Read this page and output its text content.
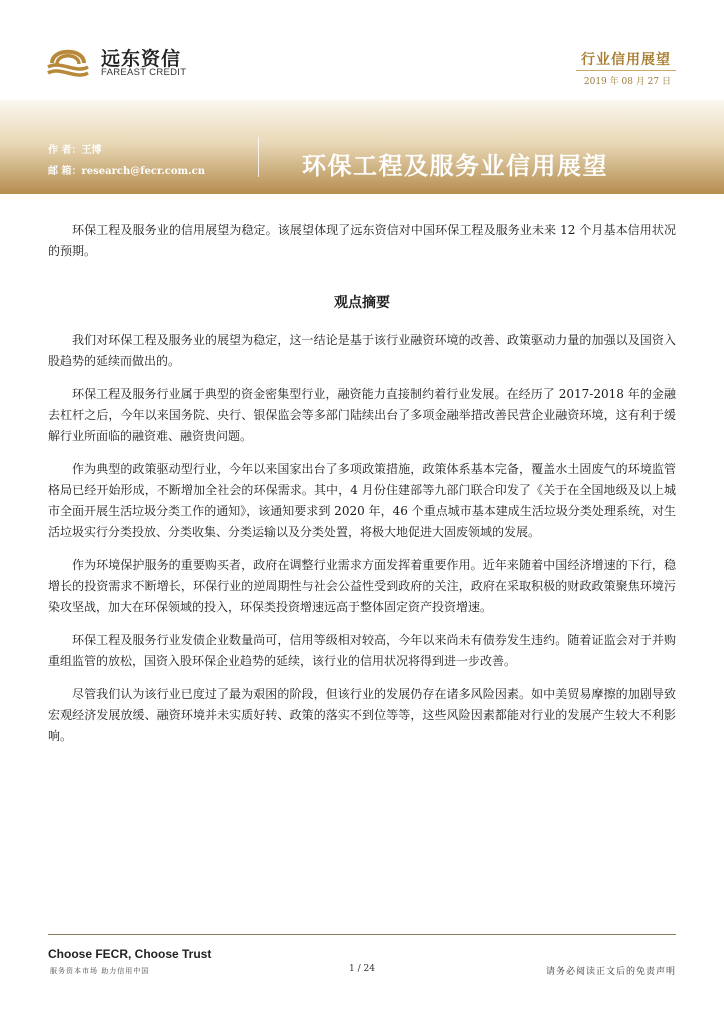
远东资信
FAREAST CREDIT
行业信用展望
2019 年 08 月 27 日
作 者：王博
邮 箱：research@fecr.com.cn	环保工程及服务业信用展望

环保工程及服务业的信用展望为稳定。该展望体现了远东资信对中国环保工程及服务业未来 12 个月基本信用状况的预期。

观点摘要

我们对环保工程及服务业的展望为稳定，这一结论是基于该行业融资环境的改善、政策驱动力量的加强以及国资入股趋势的延续而做出的。

环保工程及服务行业属于典型的资金密集型行业，融资能力直接制约着行业发展。在经历了 2017-2018 年的金融去杠杆之后，今年以来国务院、央行、银保监会等多部门陆续出台了多项金融举措改善民营企业融资环境，这有利于缓解行业所面临的融资难、融资贵问题。

作为典型的政策驱动型行业，今年以来国家出台了多项政策措施，政策体系基本完备，覆盖水土固废气的环境监管格局已经开始形成，不断增加全社会的环保需求。其中，4 月份住建部等九部门联合印发了《关于在全国地级及以上城市全面开展生活垃圾分类工作的通知》，该通知要求到 2020 年，46 个重点城市基本建成生活垃圾分类处理系统，对生活垃圾实行分类投放、分类收集、分类运输以及分类处置，将极大地促进大固废领域的发展。

作为环境保护服务的重要购买者，政府在调整行业需求方面发挥着重要作用。近年来随着中国经济增速的下行，稳增长的投资需求不断增长，环保行业的逆周期性与社会公益性受到政府的关注，政府在采取积极的财政政策聚焦环境污染攻坚战，加大在环保领域的投入，环保类投资增速远高于整体固定资产投资增速。

环保工程及服务行业发债企业数量尚可，信用等级相对较高，今年以来尚未有债券发生违约。随着证监会对于并购重组监管的放松，国资入股环保企业趋势的延续，该行业的信用状况将得到进一步改善。

尽管我们认为该行业已度过了最为艰困的阶段，但该行业的发展仍存在诸多风险因素。如中美贸易摩擦的加剧导致宏观经济发展放缓、融资环境并未实质好转、政策的落实不到位等等，这些风险因素都能对行业的发展产生较大不利影响。

Choose FECR, Choose Trust
服务资本市场 助力信用中国	1 / 24	请务必阅读正文后的免责声明
